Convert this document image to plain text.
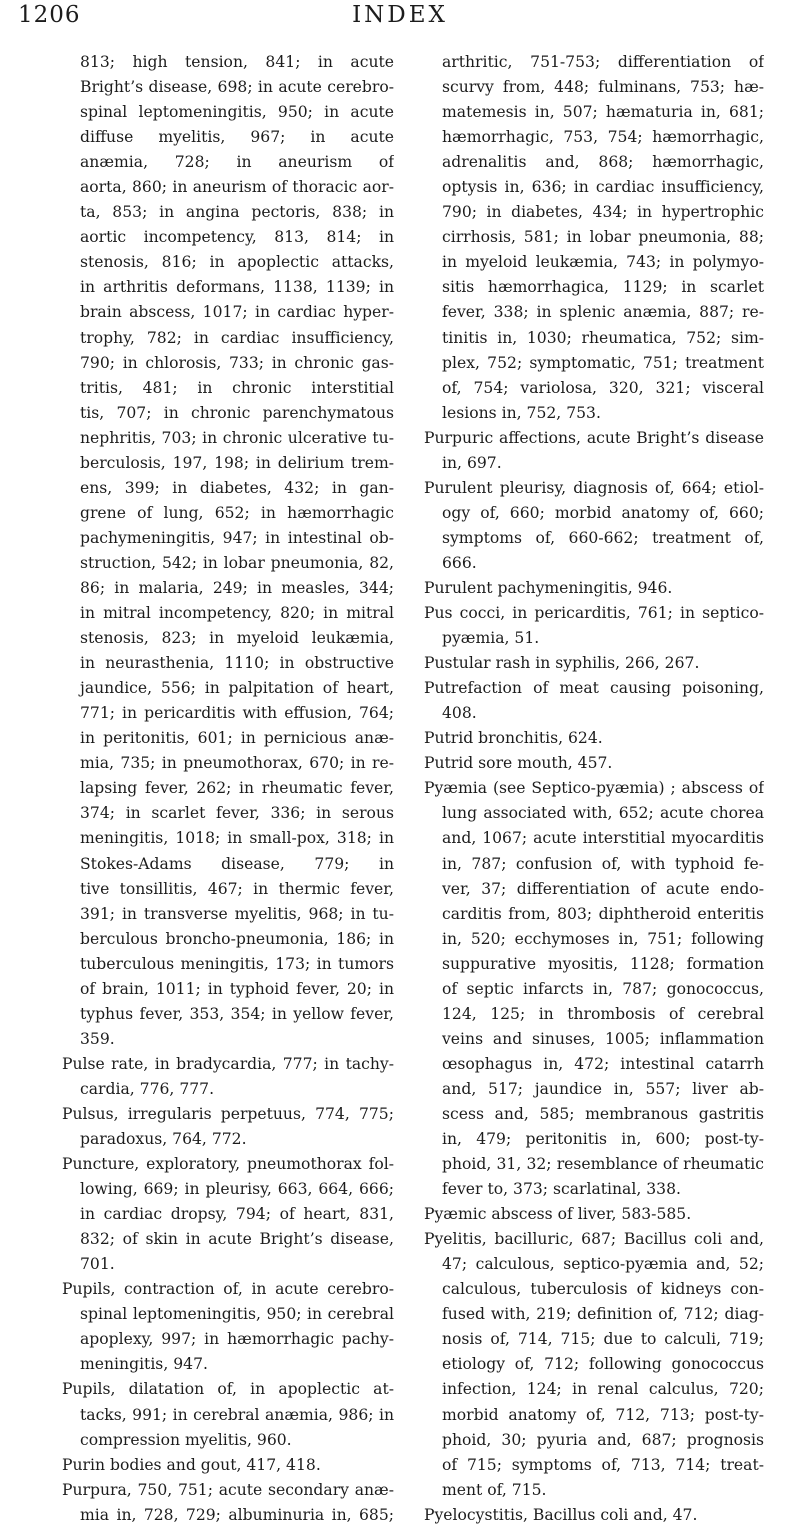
1206	INDEX
813; high tension, 841; in acute
Bright’s disease, 698; in acute cerebro-
spinal leptomeningitis, 950; in acute
diffuse myelitis, 967; in acute
anæmia, 728; in aneurism of
aorta, 860; in aneurism of thoracic aor-
ta, 853; in angina pectoris, 838; in
aortic incompetency, 813, 814; in
stenosis, 816; in apoplectic attacks,
in arthritis deformans, 1138, 1139; in
brain abscess, 1017; in cardiac hyper-
trophy, 782; in cardiac insufficiency,
790; in chlorosis, 733; in chronic gas-
tritis, 481; in chronic interstitial
tis, 707; in chronic parenchymatous
nephritis, 703; in chronic ulcerative tu-
berculosis, 197, 198; in delirium trem-
ens, 399; in diabetes, 432; in gan-
grene of lung, 652; in hæmorrhagic
pachymeningitis, 947; in intestinal ob-
struction, 542; in lobar pneumonia, 82,
86; in malaria, 249; in measles, 344;
in mitral incompetency, 820; in mitral
stenosis, 823; in myeloid leukæmia,
in neurasthenia, 1110; in obstructive
jaundice, 556; in palpitation of heart,
771; in pericarditis with effusion, 764;
in peritonitis, 601; in pernicious anæ-
mia, 735; in pneumothorax, 670; in re-
lapsing fever, 262; in rheumatic fever,
374; in scarlet fever, 336; in serous
meningitis, 1018; in small-pox, 318; in
Stokes-Adams disease, 779; in
tive tonsillitis, 467; in thermic fever,
391; in transverse myelitis, 968; in tu-
berculous broncho-pneumonia, 186; in
tuberculous meningitis, 173; in tumors
of brain, 1011; in typhoid fever, 20; in
typhus fever, 353, 354; in yellow fever,
359.
Pulse rate, in bradycardia, 777; in tachy-
cardia, 776, 777.
Pulsus, irregularis perpetuus, 774, 775;
paradoxus, 764, 772.
Puncture, exploratory, pneumothorax fol-
lowing, 669; in pleurisy, 663, 664, 666;
in cardiac dropsy, 794; of heart, 831,
832; of skin in acute Bright’s disease,
701.
Pupils, contraction of, in acute cerebro-
spinal leptomeningitis, 950; in cerebral
apoplexy, 997; in hæmorrhagic pachy-
meningitis, 947.
Pupils, dilatation of, in apoplectic at-
tacks, 991; in cerebral anæmia, 986; in
compression myelitis, 960.
Purin bodies and gout, 417, 418.
Purpura, 750, 751; acute secondary anæ-
mia in, 728, 729; albuminuria in, 685;
arthritic, 751-753; differentiation of
scurvy from, 448; fulminans, 753; hæ-
matemesis in, 507; hæmaturia in, 681;
hæmorrhagic, 753, 754; hæmorrhagic,
adrenalitis and, 868; hæmorrhagic,
optysis in, 636; in cardiac insufficiency,
790; in diabetes, 434; in hypertrophic
cirrhosis, 581; in lobar pneumonia, 88;
in myeloid leukæmia, 743; in polymyo-
sitis hæmorrhagica, 1129; in scarlet
fever, 338; in splenic anæmia, 887; re-
tinitis in, 1030; rheumatica, 752; sim-
plex, 752; symptomatic, 751; treatment
of, 754; variolosa, 320, 321; visceral
lesions in, 752, 753.
Purpuric affections, acute Bright’s disease
in, 697.
Purulent pleurisy, diagnosis of, 664; etiol-
ogy of, 660; morbid anatomy of, 660;
symptoms of, 660-662; treatment of,
666.
Purulent pachymeningitis, 946.
Pus cocci, in pericarditis, 761; in septico-
pyæmia, 51.
Pustular rash in syphilis, 266, 267.
Putrefaction of meat causing poisoning,
408.
Putrid bronchitis, 624.
Putrid sore mouth, 457.
Pyæmia (see Septico-pyæmia) ; abscess of
lung associated with, 652; acute chorea
and, 1067; acute interstitial myocarditis
in, 787; confusion of, with typhoid fe-
ver, 37; differentiation of acute endo-
carditis from, 803; diphtheroid enteritis
in, 520; ecchymoses in, 751; following
suppurative myositis, 1128; formation
of septic infarcts in, 787; gonococcus,
124, 125; in thrombosis of cerebral
veins and sinuses, 1005; inflammation
œsophagus in, 472; intestinal catarrh
and, 517; jaundice in, 557; liver ab-
scess and, 585; membranous gastritis
in, 479; peritonitis in, 600; post-ty-
phoid, 31, 32; resemblance of rheumatic
fever to, 373; scarlatinal, 338.
Pyæmic abscess of liver, 583-585.
Pyelitis, bacilluric, 687; Bacillus coli and,
47; calculous, septico-pyæmia and, 52;
calculous, tuberculosis of kidneys con-
fused with, 219; definition of, 712; diag-
nosis of, 714, 715; due to calculi, 719;
etiology of, 712; following gonococcus
infection, 124; in renal calculus, 720;
morbid anatomy of, 712, 713; post-ty-
phoid, 30; pyuria and, 687; prognosis
of 715; symptoms of, 713, 714; treat-
ment of, 715.
Pyelocystitis, Bacillus coli and, 47.
